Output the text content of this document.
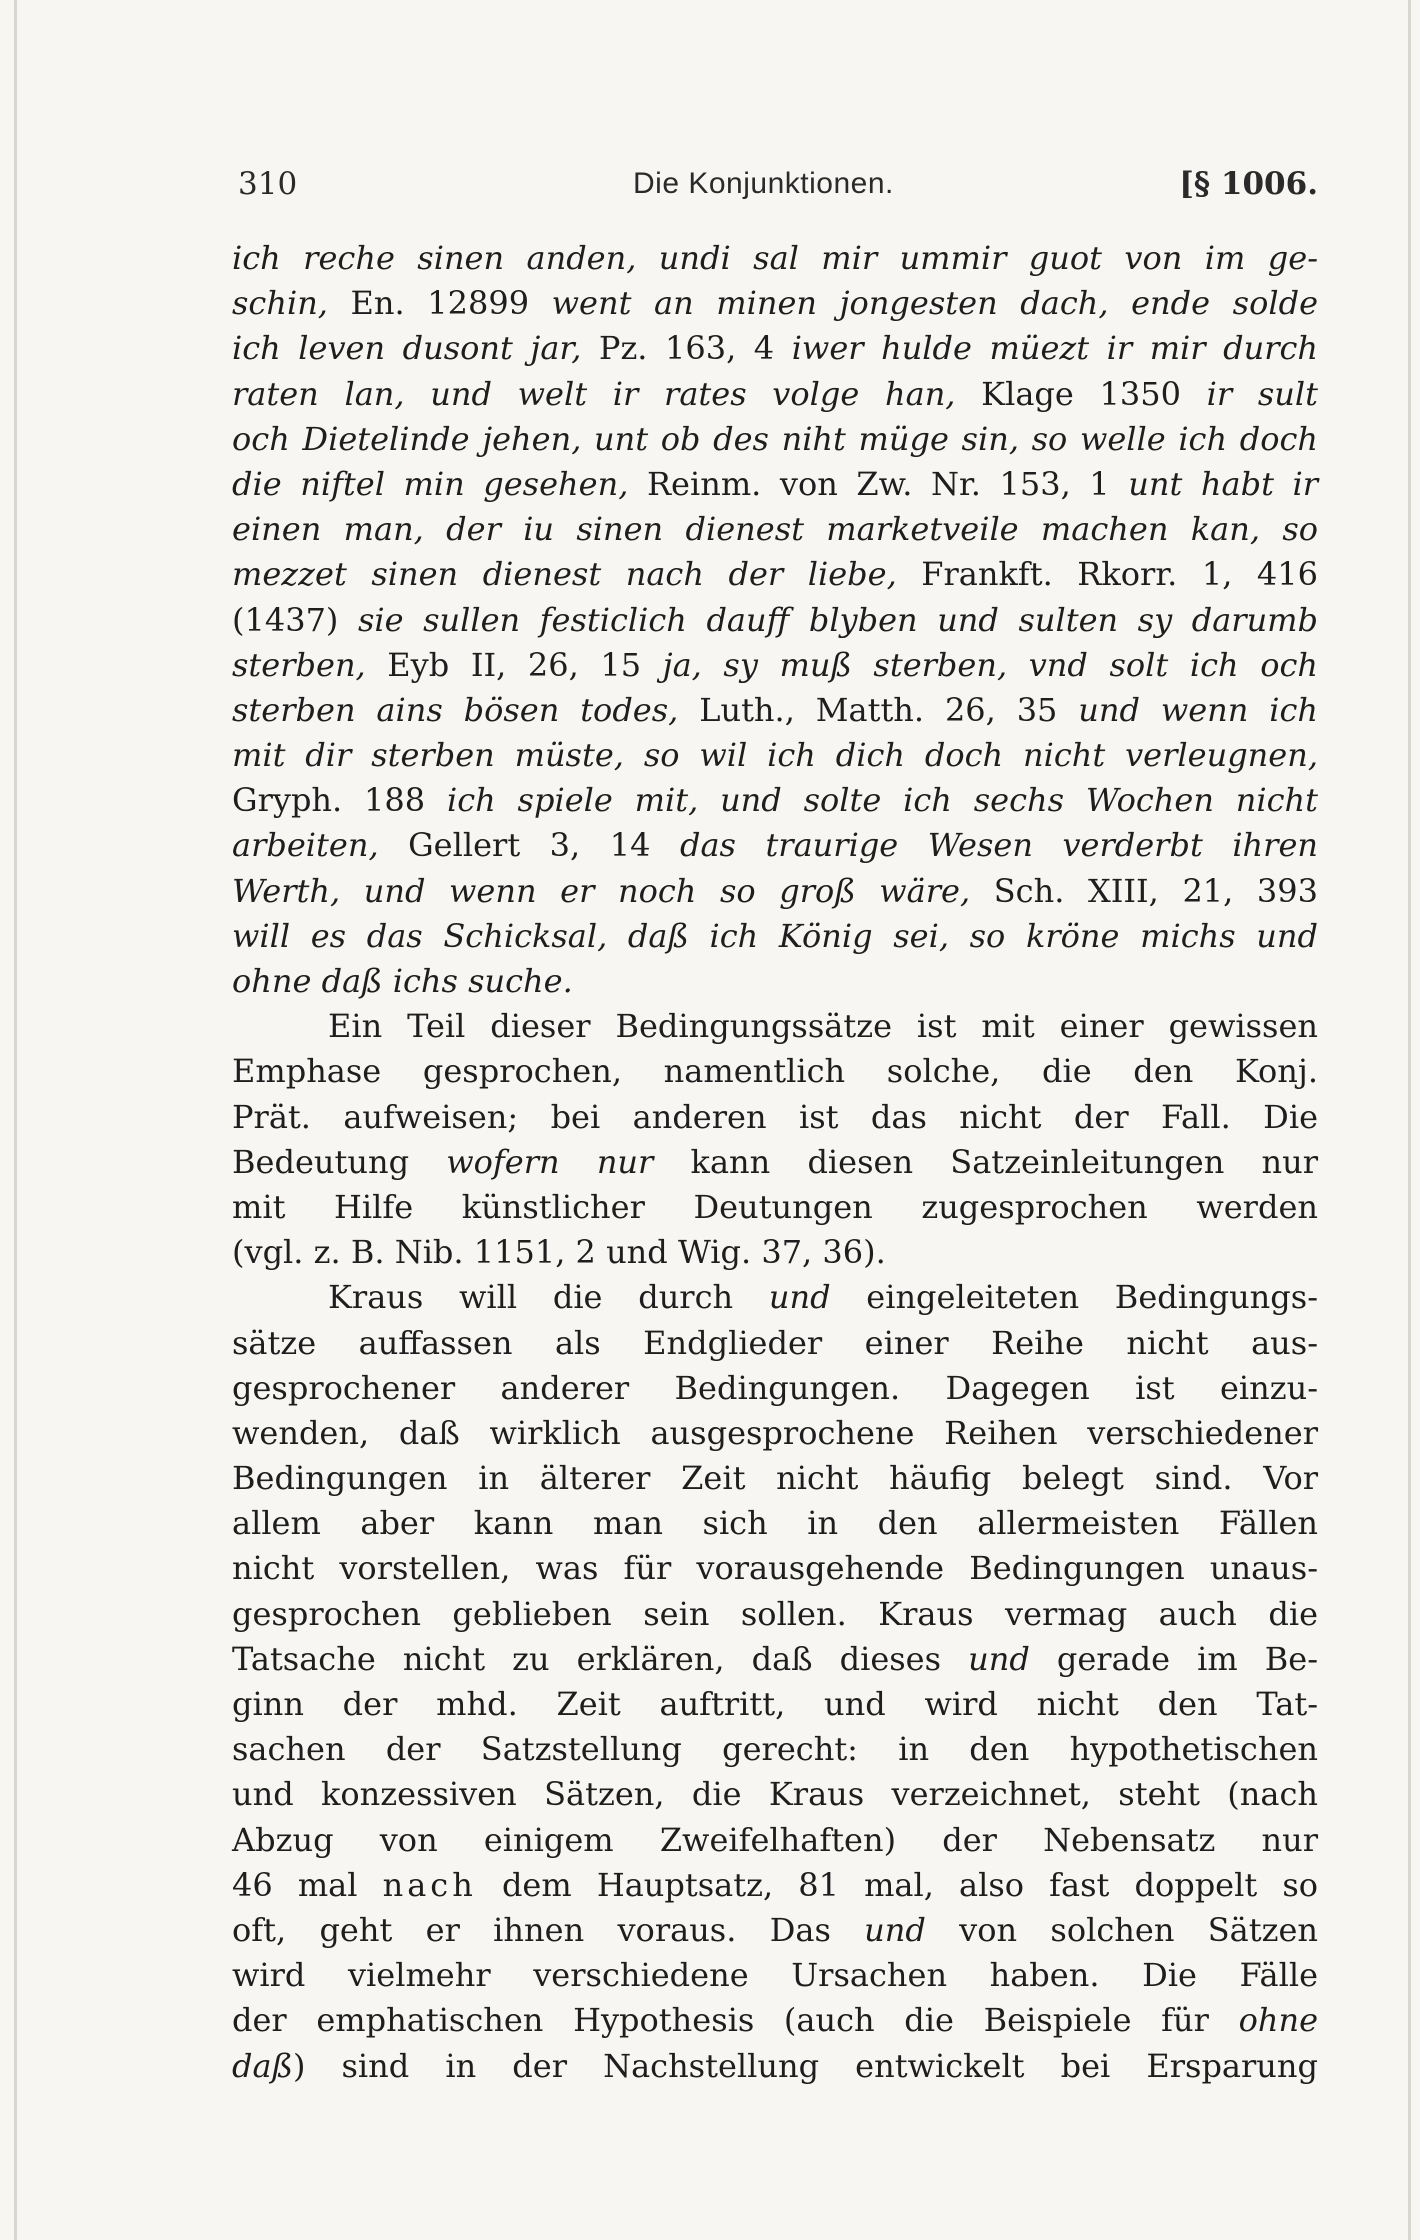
310	Die Konjunktionen.	[§ 1006.
ich reche sinen anden, undi sal mir ummir guot von im ge-
schin, En. 12899 went an minen jongesten dach, ende solde
ich leven dusont jar, Pz. 163, 4 iwer hulde müezt ir mir durch
raten lan, und welt ir rates volge han, Klage 1350 ir sult
och Dietelinde jehen, unt ob des niht müge sin, so welle ich doch
die niftel min gesehen, Reinm. von Zw. Nr. 153, 1 unt habt ir
einen man, der iu sinen dienest marketveile machen kan, so
mezzet sinen dienest nach der liebe, Frankft. Rkorr. 1, 416
(1437) sie sullen festiclich dauff blyben und sulten sy darumb
sterben, Eyb II, 26, 15 ja, sy muß sterben, vnd solt ich och
sterben ains bösen todes, Luth., Matth. 26, 35 und wenn ich
mit dir sterben müste, so wil ich dich doch nicht verleugnen,
Gryph. 188 ich spiele mit, und solte ich sechs Wochen nicht
arbeiten, Gellert 3, 14 das traurige Wesen verderbt ihren
Werth, und wenn er noch so groß wäre, Sch. XIII, 21, 393
will es das Schicksal, daß ich König sei, so kröne michs und
ohne daß ichs suche.
Ein Teil dieser Bedingungssätze ist mit einer gewissen
Emphase gesprochen, namentlich solche, die den Konj.
Prät. aufweisen; bei anderen ist das nicht der Fall. Die
Bedeutung wofern nur kann diesen Satzeinleitungen nur
mit Hilfe künstlicher Deutungen zugesprochen werden
(vgl. z. B. Nib. 1151, 2 und Wig. 37, 36).
Kraus will die durch und eingeleiteten Bedingungs-
sätze auffassen als Endglieder einer Reihe nicht aus-
gesprochener anderer Bedingungen. Dagegen ist einzu-
wenden, daß wirklich ausgesprochene Reihen verschiedener
Bedingungen in älterer Zeit nicht häufig belegt sind. Vor
allem aber kann man sich in den allermeisten Fällen
nicht vorstellen, was für vorausgehende Bedingungen unaus-
gesprochen geblieben sein sollen. Kraus vermag auch die
Tatsache nicht zu erklären, daß dieses und gerade im Be-
ginn der mhd. Zeit auftritt, und wird nicht den Tat-
sachen der Satzstellung gerecht: in den hypothetischen
und konzessiven Sätzen, die Kraus verzeichnet, steht (nach
Abzug von einigem Zweifelhaften) der Nebensatz nur
46 mal nach dem Hauptsatz, 81 mal, also fast doppelt so
oft, geht er ihnen voraus. Das und von solchen Sätzen
wird vielmehr verschiedene Ursachen haben. Die Fälle
der emphatischen Hypothesis (auch die Beispiele für ohne
daß) sind in der Nachstellung entwickelt bei Ersparung
